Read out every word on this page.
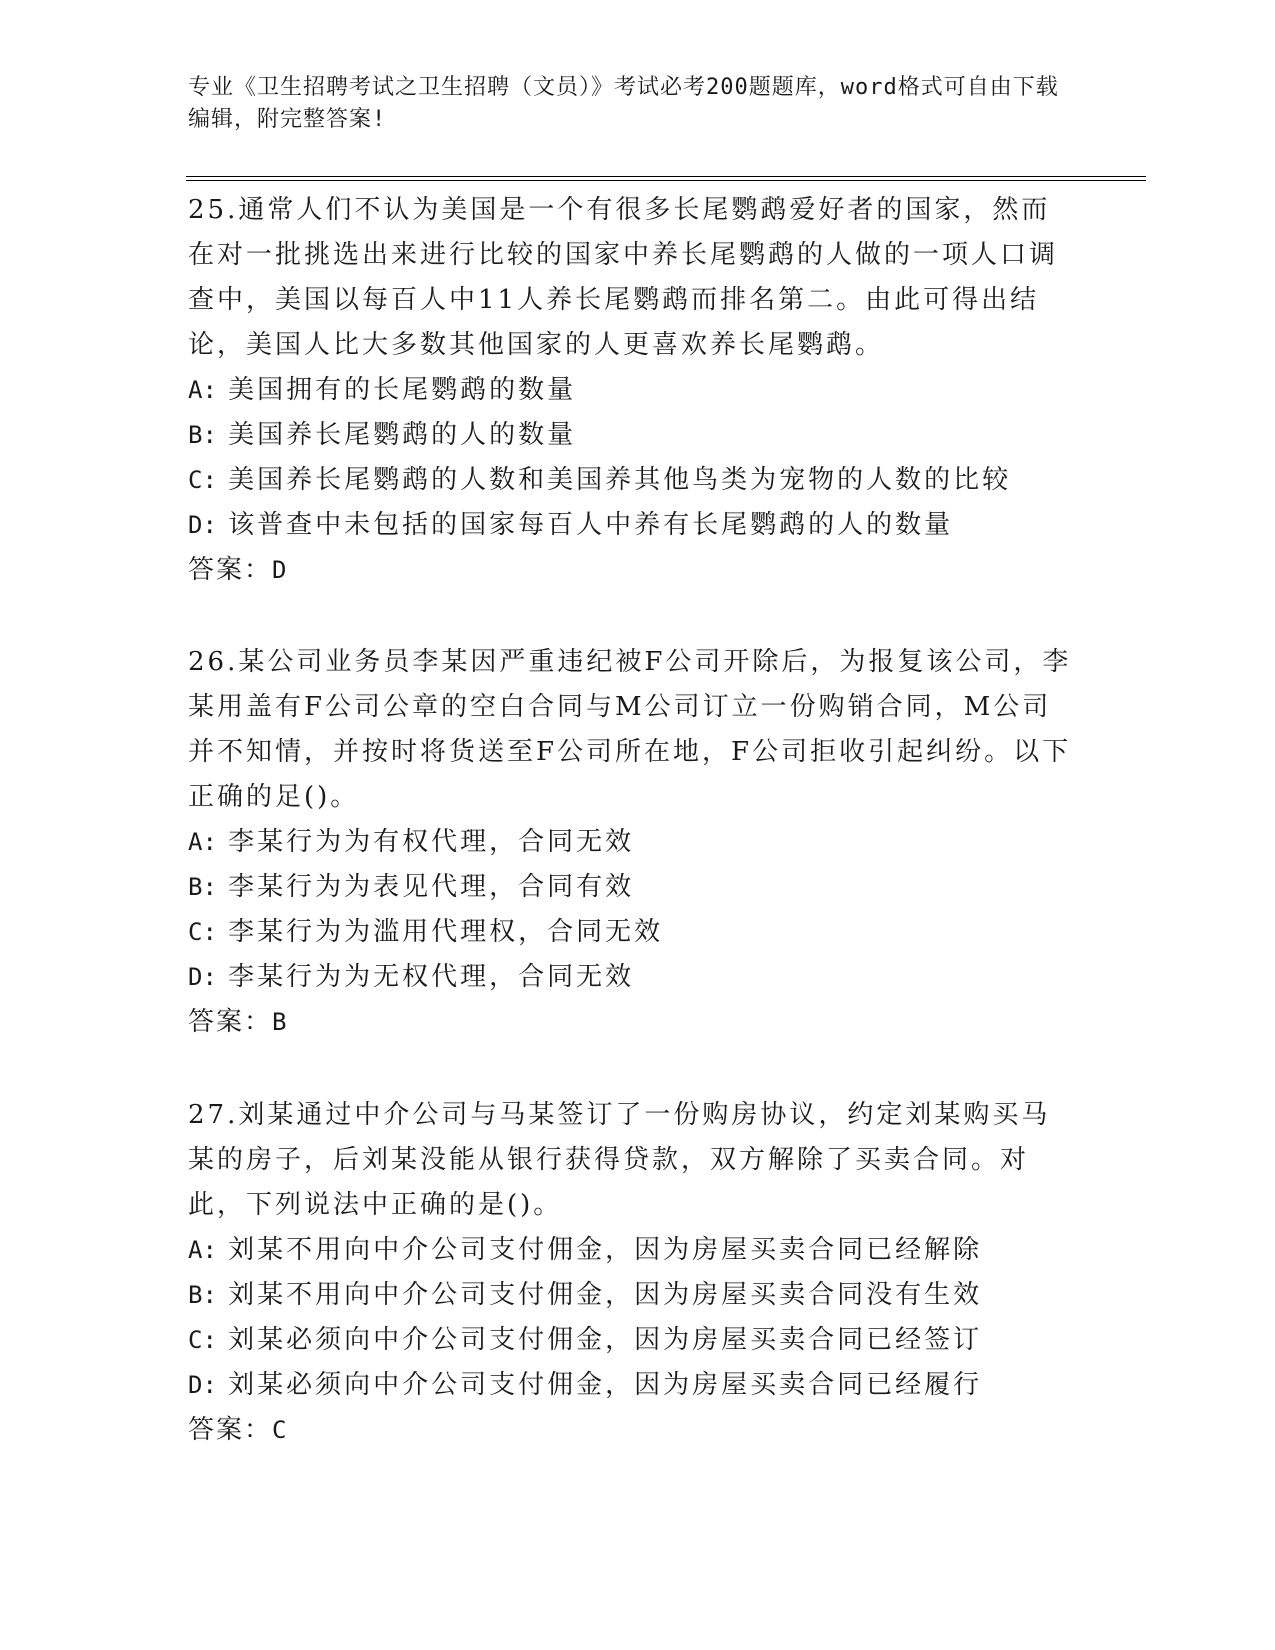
专业《卫生招聘考试之卫生招聘（文员）》考试必考200题题库，word格式可自由下载编辑，附完整答案!

25.通常人们不认为美国是一个有很多长尾鹦鹉爱好者的国家，然而在对一批挑选出来进行比较的国家中养长尾鹦鹉的人做的一项人口调查中，美国以每百人中11人养长尾鹦鹉而排名第二。由此可得出结论，美国人比大多数其他国家的人更喜欢养长尾鹦鹉。

A: 美国拥有的长尾鹦鹉的数量

B: 美国养长尾鹦鹉的人的数量

C: 美国养长尾鹦鹉的人数和美国养其他鸟类为宠物的人数的比较

D: 该普查中未包括的国家每百人中养有长尾鹦鹉的人的数量

答案：D

26.某公司业务员李某因严重违纪被F公司开除后，为报复该公司，李某用盖有F公司公章的空白合同与M公司订立一份购销合同，M公司并不知情，并按时将货送至F公司所在地，F公司拒收引起纠纷。以下正确的足()。

A: 李某行为为有权代理，合同无效

B: 李某行为为表见代理，合同有效

C: 李某行为为滥用代理权，合同无效

D: 李某行为为无权代理，合同无效

答案：B

27.刘某通过中介公司与马某签订了一份购房协议，约定刘某购买马某的房子，后刘某没能从银行获得贷款，双方解除了买卖合同。对此，下列说法中正确的是()。

A: 刘某不用向中介公司支付佣金，因为房屋买卖合同已经解除

B: 刘某不用向中介公司支付佣金，因为房屋买卖合同没有生效

C: 刘某必须向中介公司支付佣金，因为房屋买卖合同已经签订

D: 刘某必须向中介公司支付佣金，因为房屋买卖合同已经履行

答案：C
